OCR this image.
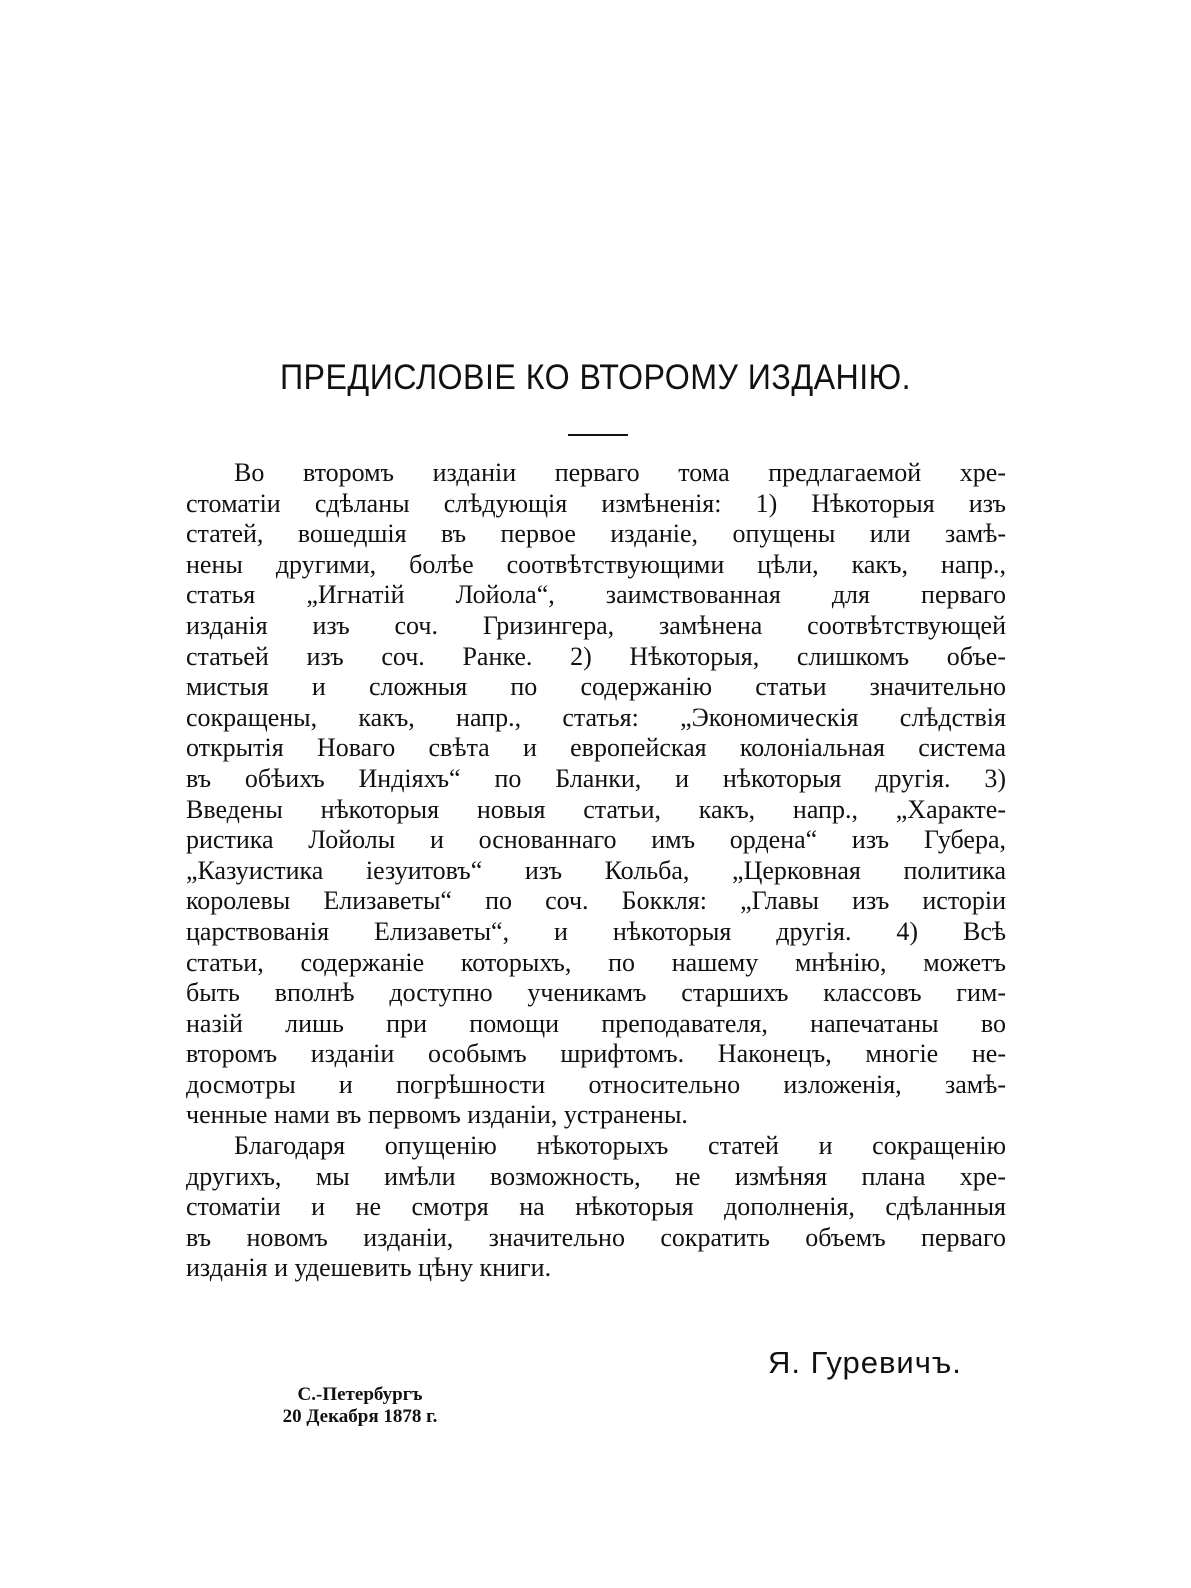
ПРЕДИСЛОВІЕ КО ВТОРОМУ ИЗДАНІЮ.
Во второмъ изданіи перваго тома предлагаемой хре-
стоматіи сдѣланы слѣдующія измѣненія: 1) Нѣкоторыя изъ
статей, вошедшія въ первое изданіе, опущены или замѣ-
нены другими, болѣе соотвѣтствующими цѣли, какъ, напр.,
статья „Игнатій Лойола“, заимствованная для перваго
изданія изъ соч. Гризингера, замѣнена соотвѣтствующей
статьей изъ соч. Ранке. 2) Нѣкоторыя, слишкомъ объе-
мистыя и сложныя по содержанію статьи значительно
сокращены, какъ, напр., статья: „Экономическія слѣдствія
открытія Новаго свѣта и европейская колоніальная система
въ обѣихъ Индіяхъ“ по Бланки, и нѣкоторыя другія. 3)
Введены нѣкоторыя новыя статьи, какъ, напр., „Характе-
ристика Лойолы и основаннаго имъ ордена“ изъ Губера,
„Казуистика іезуитовъ“ изъ Кольба, „Церковная политика
королевы Елизаветы“ по соч. Боккля: „Главы изъ исторіи
царствованія Елизаветы“, и нѣкоторыя другія. 4) Всѣ
статьи, содержаніе которыхъ, по нашему мнѣнію, можетъ
быть вполнѣ доступно ученикамъ старшихъ классовъ гим-
назій лишь при помощи преподавателя, напечатаны во
второмъ изданіи особымъ шрифтомъ. Наконецъ, многіе не-
досмотры и погрѣшности относительно изложенія, замѣ-
ченные нами въ первомъ изданіи, устранены.
Благодаря опущенію нѣкоторыхъ статей и сокращенію
другихъ, мы имѣли возможность, не измѣняя плана хре-
стоматіи и не смотря на нѣкоторыя дополненія, сдѣланныя
въ новомъ изданіи, значительно сократить объемъ перваго
изданія и удешевить цѣну книги.
Я. Гуревичъ.
С.-Петербургъ
20 Декабря 1878 г.
